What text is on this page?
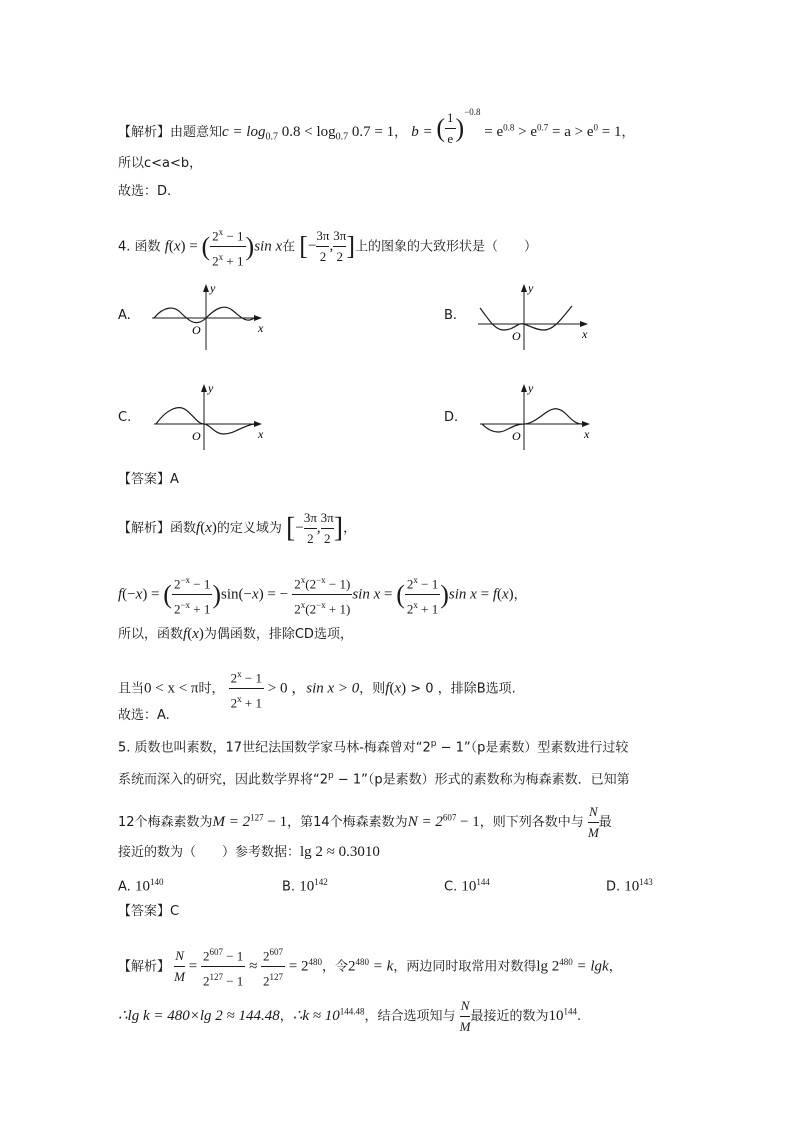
【解析】由题意知$c = \log_{0.7} 0.8 < \log_{0.7} 0.7 = 1$， b = ( $\frac{1}{e} )^{-0.8} = e^{0.8} > e^{0.7} = a > e^0 = 1$，
所以c<a<b，
故选：D.
4. 函数 f(x) = ( $\frac{2^x - 1}{2^x + 1} )\sin$ x在 [− $\frac{3\pi}{2}$ , $\frac{3\pi}{2}$ ]上的图象的大致形状是（　　）
A.
y
x
O
B.
y
x
O
C.
y
x
O
D.
y
x
O
【答案】A
【解析】函数f(x)的定义域为 [− $\frac{3\pi}{2}$ , $\frac{3\pi}{2}$ ]，
f(−x) = ( $\frac{2^{-x} - 1}{2^{-x} + 1} )\sin(-x)$ = − $\frac{2^x(2^{-x} - 1)}{2^x(2^{-x} + 1)}$ sin x = ( $\frac{2^x - 1}{2^x + 1} )\sin$ x = f(x)，
所以，函数f(x)为偶函数，排除CD选项，
且当0 < x < π时， $\frac{2^x - 1}{2^x + 1} > 0$ ，sin x > 0，则f(x) > 0 ，排除B选项.
故选：A.
5. 质数也叫素数，17世纪法国数学家马林-梅森曾对“$2^p$ − 1”（p是素数）型素数进行过较
系统而深入的研究，因此数学界将“$2^p$ − 1”（p是素数）形式的素数称为梅森素数．已知第
12个梅森素数为$M = 2^{127} - 1$，第14个梅森素数为$N = 2^{607} - 1$，则下列各数中与 $\frac{N}{M}$ 最
接近的数为（　　）参考数据：lg 2 ≈ 0.3010
A. $10^{140}$	B. $10^{142}$	C. $10^{144}$	D. $10^{143}$
【答案】C
【解析】 $\frac{N}{M} = \frac{2^{607} - 1}{2^{127} - 1} \approx \frac{2^{607}}{2^{127}} = 2^{480}$，令$2^{480} = k$，两边同时取常用对数得$\lg 2^{480} = \lg k$，
∴lg k = 480×lg 2 ≈ 144.48，∴k ≈ $10^{144.48}$，结合选项知与 $\frac{N}{M}$ 最接近的数为$10^{144}$.
